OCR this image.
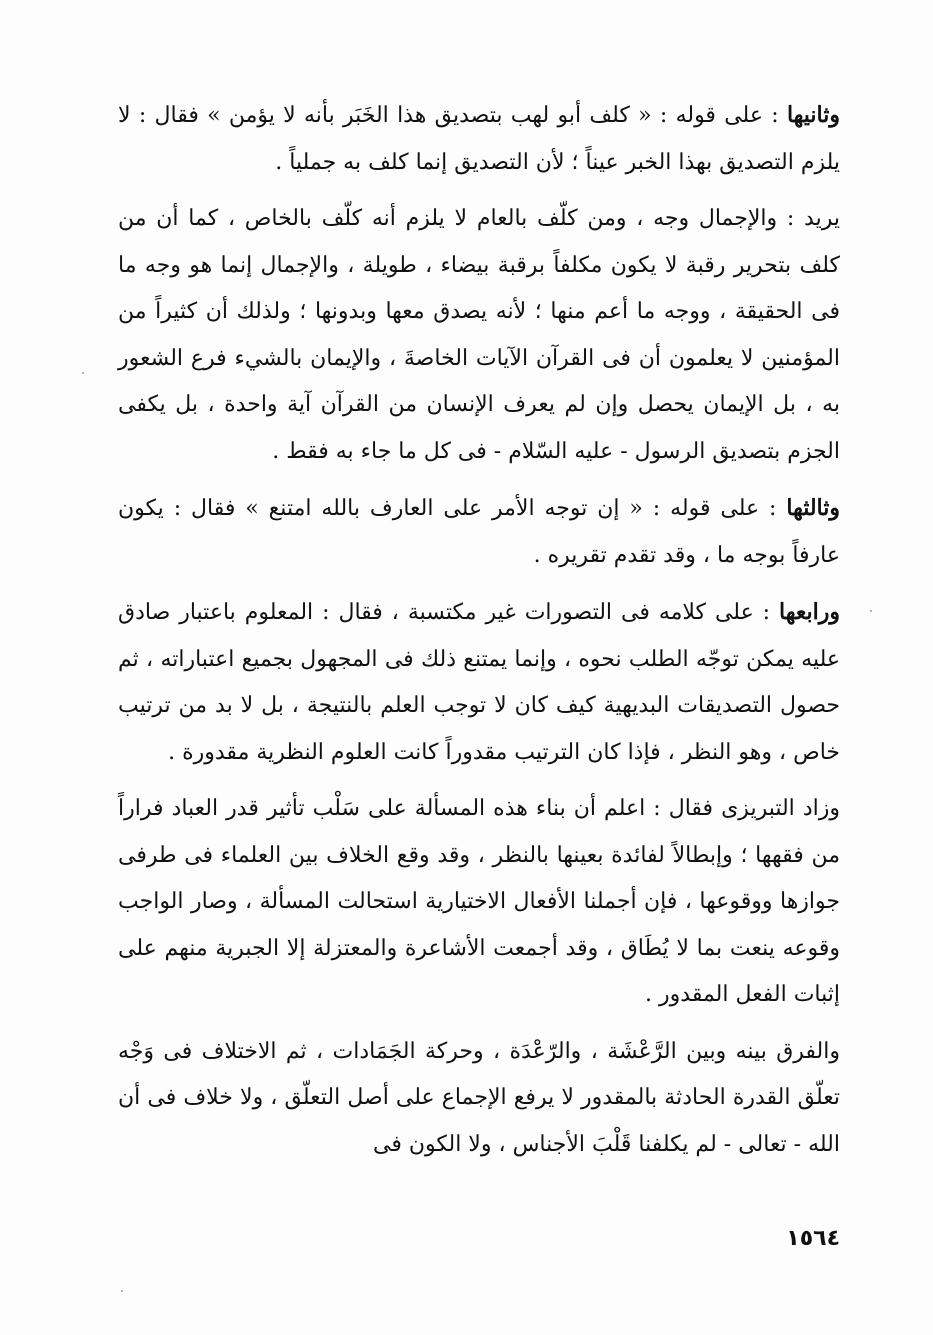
وثانيها : على قوله : « كلف أبو لهب بتصديق هذا الخَبَر بأنه لا يؤمن » فقال : لا يلزم التصديق بهذا الخبر عيناً ؛ لأن التصديق إنما كلف به جملياً .

يريد : والإجمال وجه ، ومن كلّف بالعام لا يلزم أنه كلّف بالخاص ، كما أن من كلف بتحرير رقبة لا يكون مكلفاً برقبة بيضاء ، طويلة ، والإجمال إنما هو وجه ما فى الحقيقة ، ووجه ما أعم منها ؛ لأنه يصدق معها وبدونها ؛ ولذلك أن كثيراً من المؤمنين لا يعلمون أن فى القرآن الآيات الخاصةَ ، والإيمان بالشيء فرع الشعور به ، بل الإيمان يحصل وإن لم يعرف الإنسان من القرآن آية واحدة ، بل يكفى الجزم بتصديق الرسول - عليه السّلام - فى كل ما جاء به فقط .

وثالثها : على قوله : « إن توجه الأمر على العارف بالله امتنع » فقال : يكون عارفاً بوجه ما ، وقد تقدم تقريره .

ورابعها : على كلامه فى التصورات غير مكتسبة ، فقال : المعلوم باعتبار صادق عليه يمكن توجّه الطلب نحوه ، وإنما يمتنع ذلك فى المجهول بجميع اعتباراته ، ثم حصول التصديقات البديهية كيف كان لا توجب العلم بالنتيجة ، بل لا بد من ترتيب خاص ، وهو النظر ، فإذا كان الترتيب مقدوراً كانت العلوم النظرية مقدورة .

وزاد التبريزى فقال : اعلم أن بناء هذه المسألة على سَلْب تأثير قدر العباد فراراً من فقهها ؛ وإبطالاً لفائدة بعينها بالنظر ، وقد وقع الخلاف بين العلماء فى طرفى جوازها ووقوعها ، فإن أجملنا الأفعال الاختيارية استحالت المسألة ، وصار الواجب وقوعه ينعت بما لا يُطَاق ، وقد أجمعت الأشاعرة والمعتزلة إلا الجبرية منهم على إثبات الفعل المقدور .

والفرق بينه وبين الرَّعْشَة ، والرّعْدَة ، وحركة الجَمَادات ، ثم الاختلاف فى وَجْه تعلّق القدرة الحادثة بالمقدور لا يرفع الإجماع على أصل التعلّق ، ولا خلاف فى أن الله - تعالى - لم يكلفنا قَلْبَ الأجناس ، ولا الكون فى

١٥٦٤
